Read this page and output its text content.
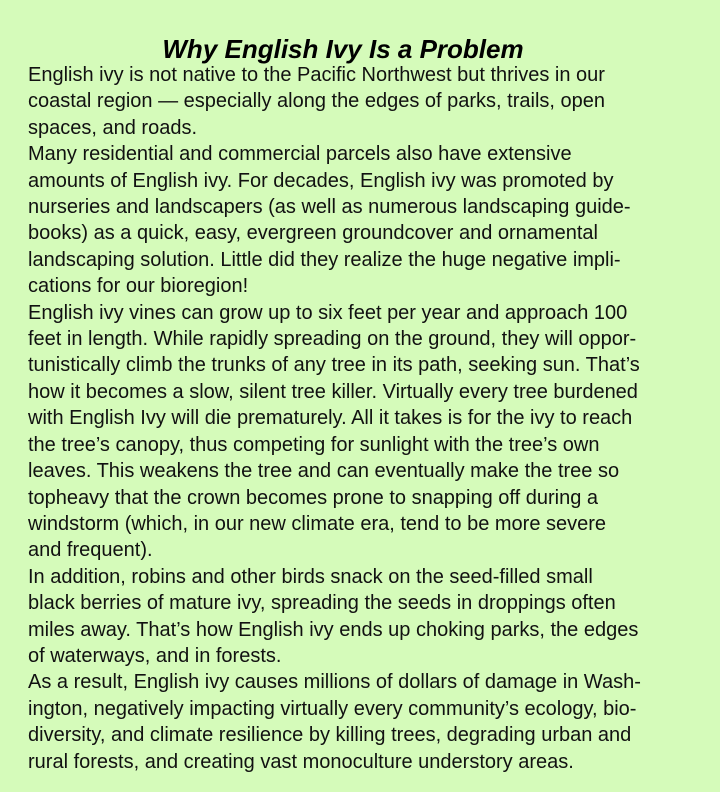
Why English Ivy Is a Problem

English ivy is not native to the Pacific Northwest but thrives in our
coastal region — especially along the edges of parks, trails, open
spaces, and roads.

Many residential and commercial parcels also have extensive
amounts of English ivy. For decades, English ivy was promoted by
nurseries and landscapers (as well as numerous landscaping guide-
books) as a quick, easy, evergreen groundcover and ornamental
landscaping solution. Little did they realize the huge negative impli-
cations for our bioregion!

English ivy vines can grow up to six feet per year and approach 100
feet in length. While rapidly spreading on the ground, they will oppor-
tunistically climb the trunks of any tree in its path, seeking sun. That’s
how it becomes a slow, silent tree killer. Virtually every tree burdened
with English Ivy will die prematurely. All it takes is for the ivy to reach
the tree’s canopy, thus competing for sunlight with the tree’s own
leaves. This weakens the tree and can eventually make the tree so
topheavy that the crown becomes prone to snapping off during a
windstorm (which, in our new climate era, tend to be more severe
and frequent).

In addition, robins and other birds snack on the seed-filled small
black berries of mature ivy, spreading the seeds in droppings often
miles away. That’s how English ivy ends up choking parks, the edges
of waterways, and in forests.

As a result, English ivy causes millions of dollars of damage in Wash-
ington, negatively impacting virtually every community’s ecology, bio-
diversity, and climate resilience by killing trees, degrading urban and
rural forests, and creating vast monoculture understory areas.
